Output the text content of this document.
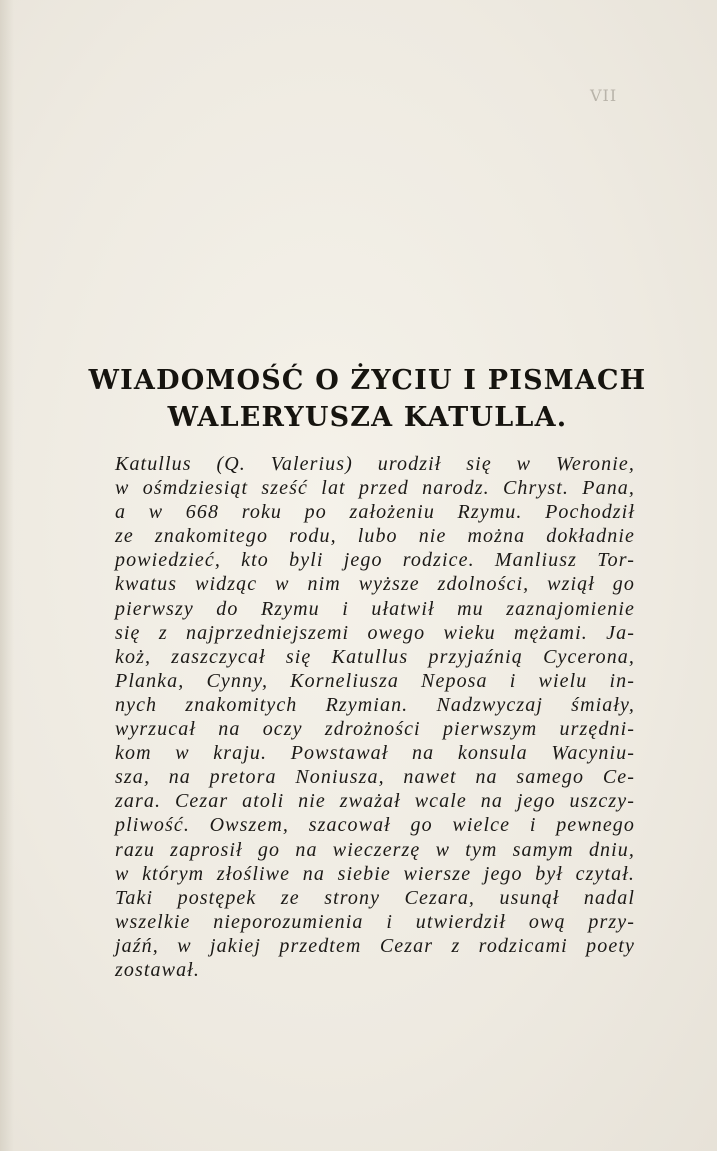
VII
WIADOMOŚĆ O ŻYCIU I PISMACH
WALERYUSZA KATULLA.
Katullus (Q. Valerius) urodził się w Weronie,
w ośmdziesiąt sześć lat przed narodz. Chryst. Pana,
a w 668 roku po założeniu Rzymu. Pochodził
ze znakomitego rodu, lubo nie można dokładnie
powiedzieć, kto byli jego rodzice. Manliusz Tor-
kwatus widząc w nim wyższe zdolności, wziął go
pierwszy do Rzymu i ułatwił mu zaznajomienie
się z najprzedniejszemi owego wieku mężami. Ja-
koż, zaszczycał się Katullus przyjaźnią Cycerona,
Planka, Cynny, Korneliusza Neposa i wielu in-
nych znakomitych Rzymian. Nadzwyczaj śmiały,
wyrzucał na oczy zdrożności pierwszym urzędni-
kom w kraju. Powstawał na konsula Wacyniu-
sza, na pretora Noniusza, nawet na samego Ce-
zara. Cezar atoli nie zważał wcale na jego uszczy-
pliwość. Owszem, szacował go wielce i pewnego
razu zaprosił go na wieczerzę w tym samym dniu,
w którym złośliwe na siebie wiersze jego był czytał.
Taki postępek ze strony Cezara, usunął nadal
wszelkie nieporozumienia i utwierdził ową przy-
jaźń, w jakiej przedtem Cezar z rodzicami poety
zostawał.
